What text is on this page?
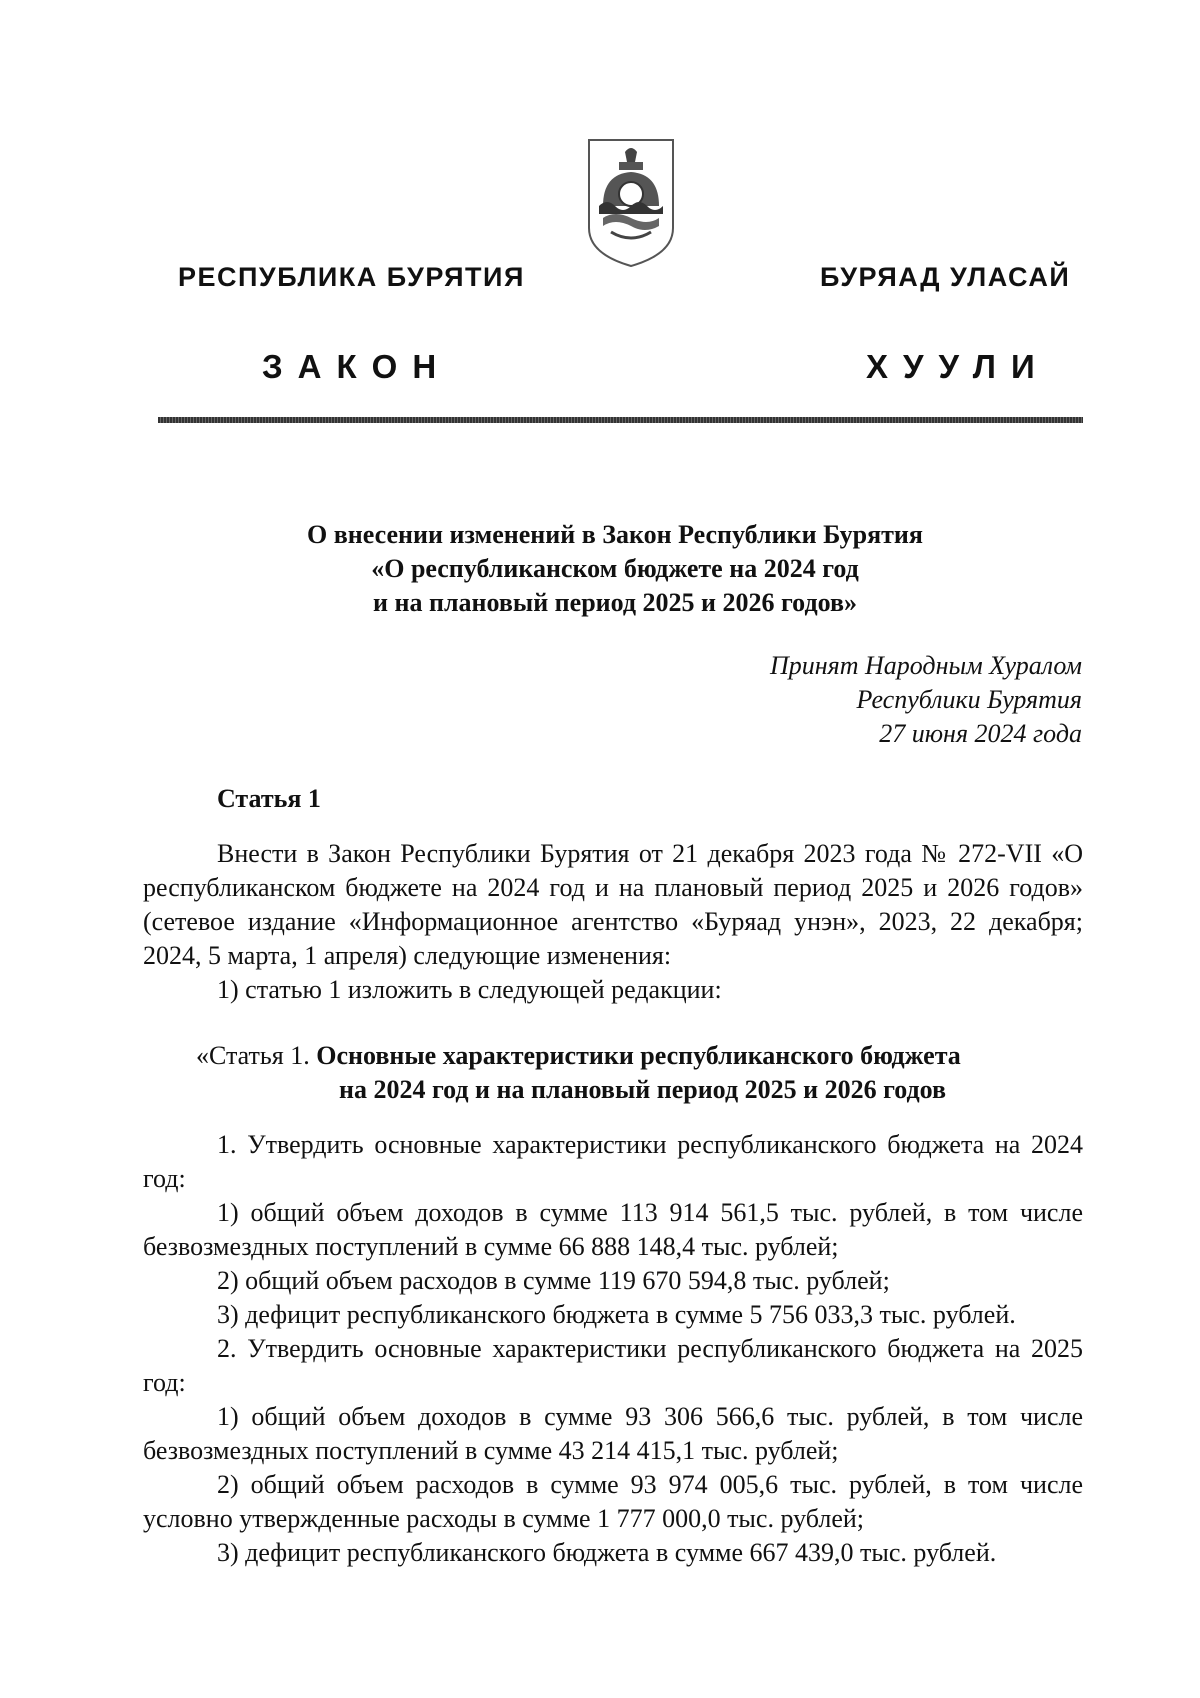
РЕСПУБЛИКА БУРЯТИЯ	БУРЯАД УЛАСАЙ
ЗАКОН	ХУУЛИ
О внесении изменений в Закон Республики Бурятия
«О республиканском бюджете на 2024 год
и на плановый период 2025 и 2026 годов»
Принят Народным Хуралом
Республики Бурятия
27 июня 2024 года
Статья 1

Внести в Закон Республики Бурятия от 21 декабря 2023 года № 272-VII «О республиканском бюджете на 2024 год и на плановый период 2025 и 2026 годов» (сетевое издание «Информационное агентство «Буряад унэн», 2023, 22 декабря; 2024, 5 марта, 1 апреля) следующие изменения:

1) статью 1 изложить в следующей редакции:

«Статья 1. Основные характеристики республиканского бюджета
на 2024 год и на плановый период 2025 и 2026 годов

1. Утвердить основные характеристики республиканского бюджета на 2024 год:

1) общий объем доходов в сумме 113 914 561,5 тыс. рублей, в том числе безвозмездных поступлений в сумме 66 888 148,4 тыс. рублей;

2) общий объем расходов в сумме 119 670 594,8 тыс. рублей;

3) дефицит республиканского бюджета в сумме 5 756 033,3 тыс. рублей.

2. Утвердить основные характеристики республиканского бюджета на 2025 год:

1) общий объем доходов в сумме 93 306 566,6 тыс. рублей, в том числе безвозмездных поступлений в сумме 43 214 415,1 тыс. рублей;

2) общий объем расходов в сумме 93 974 005,6 тыс. рублей, в том числе условно утвержденные расходы в сумме 1 777 000,0 тыс. рублей;

3) дефицит республиканского бюджета в сумме 667 439,0 тыс. рублей.
